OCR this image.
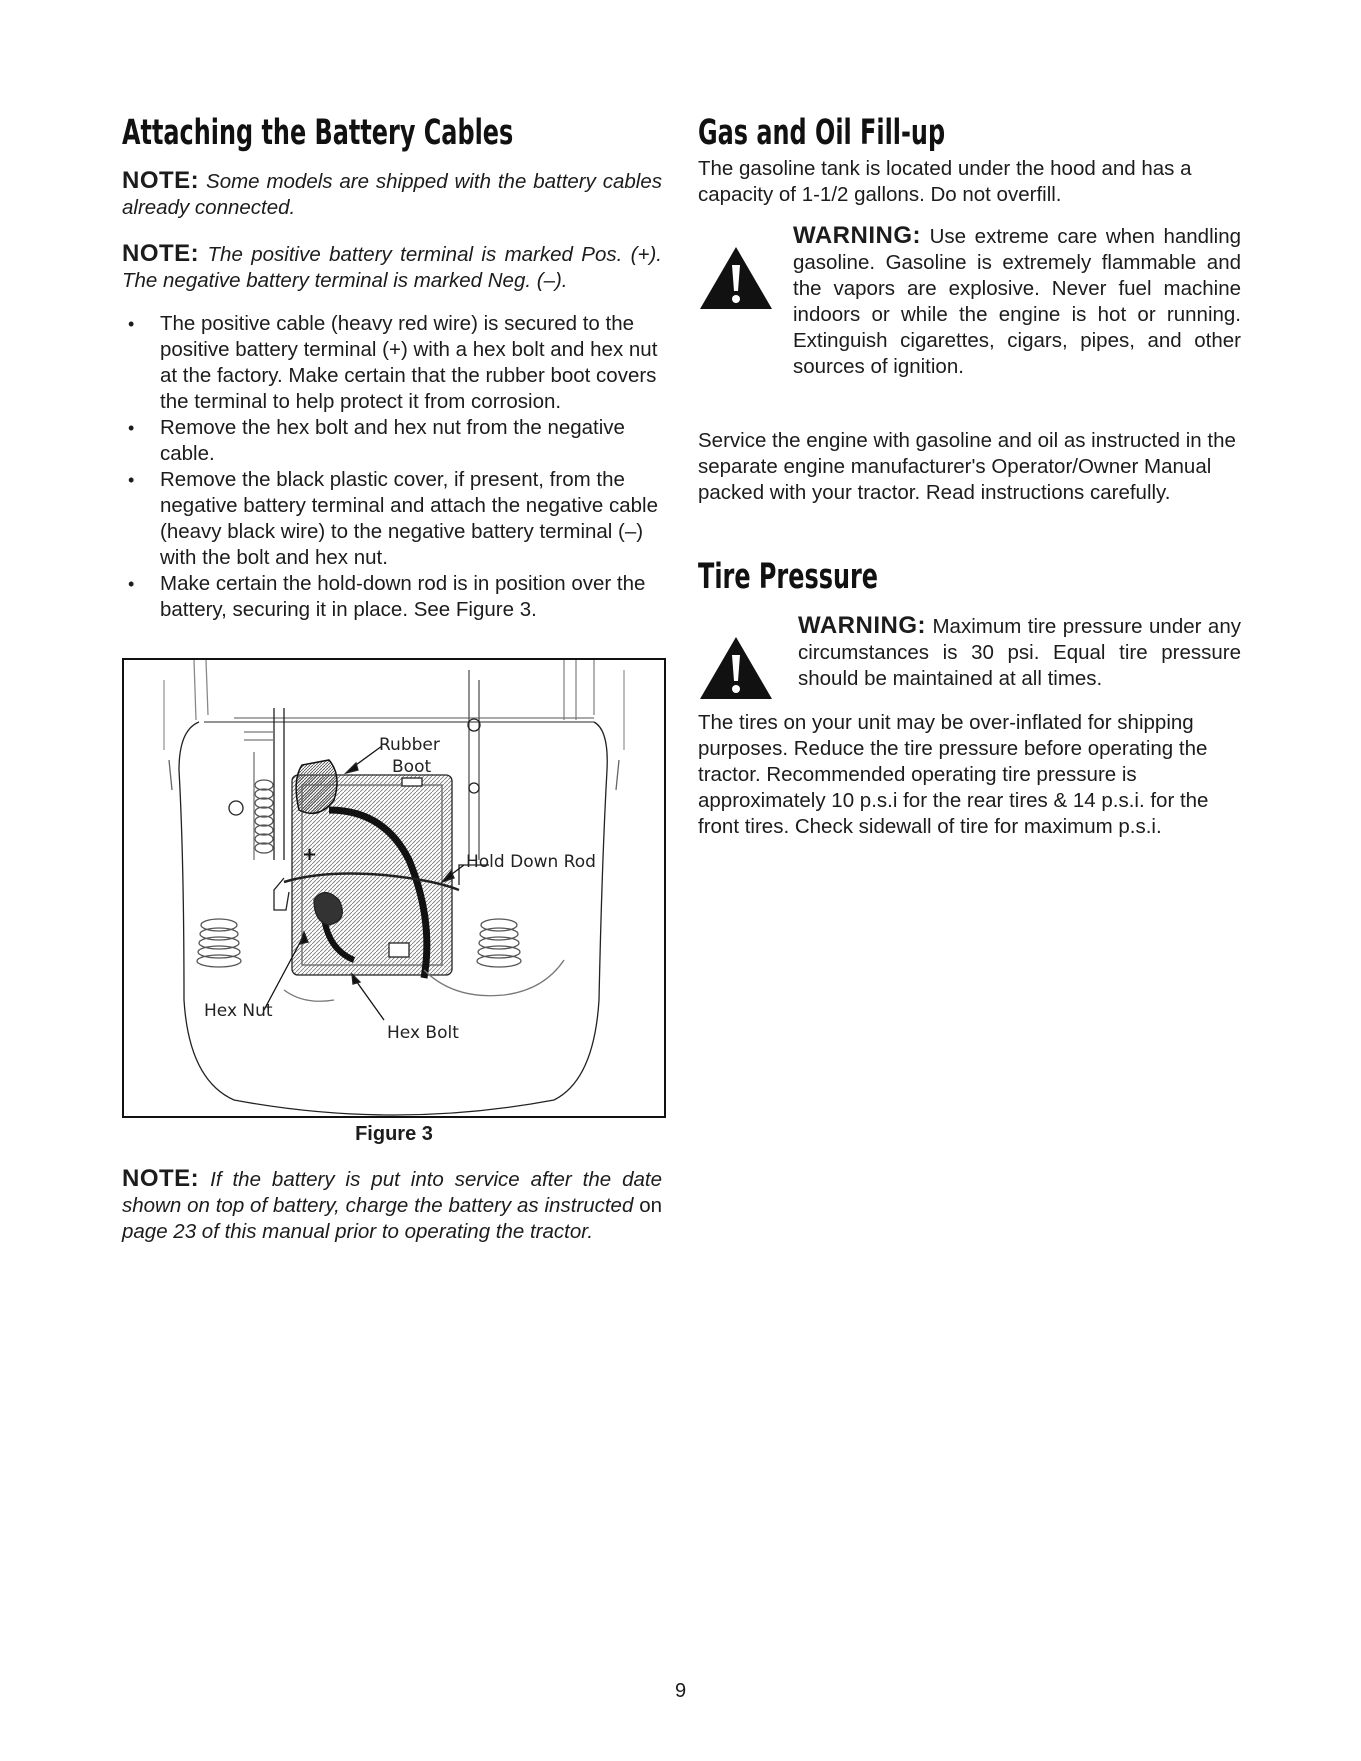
Attaching the Battery Cables

NOTE: Some models are shipped with the battery cables already connected.

NOTE: The positive battery terminal is marked Pos. (+). The negative battery terminal is marked Neg. (–).

• The positive cable (heavy red wire) is secured to the positive battery terminal (+) with a hex bolt and hex nut at the factory. Make certain that the rubber boot covers the terminal to help protect it from corrosion.
• Remove the hex bolt and hex nut from the negative cable.
• Remove the black plastic cover, if present, from the negative battery terminal and attach the negative cable (heavy black wire) to the negative battery terminal (–) with the bolt and hex nut.
• Make certain the hold-down rod is in position over the battery, securing it in place. See Figure 3.
Rubber
Boot
Hold Down Rod
Hex Nut
Hex Bolt
+
Figure 3

NOTE: If the battery is put into service after the date shown on top of battery, charge the battery as instructed on page 23 of this manual prior to operating the tractor.

Gas and Oil Fill-up

The gasoline tank is located under the hood and has a capacity of 1-1/2 gallons. Do not overfill.

WARNING: Use extreme care when handling gasoline. Gasoline is extremely flammable and the vapors are explosive. Never fuel machine indoors or while the engine is hot or running. Extinguish cigarettes, cigars, pipes, and other sources of ignition.

Service the engine with gasoline and oil as instructed in the separate engine manufacturer's Operator/Owner Manual packed with your tractor. Read instructions carefully.

Tire Pressure

WARNING: Maximum tire pressure under any circumstances is 30 psi. Equal tire pressure should be maintained at all times.

The tires on your unit may be over-inflated for shipping purposes. Reduce the tire pressure before operating the tractor. Recommended operating tire pressure is approximately 10 p.s.i for the rear tires & 14 p.s.i. for the front tires. Check sidewall of tire for maximum p.s.i.

9
